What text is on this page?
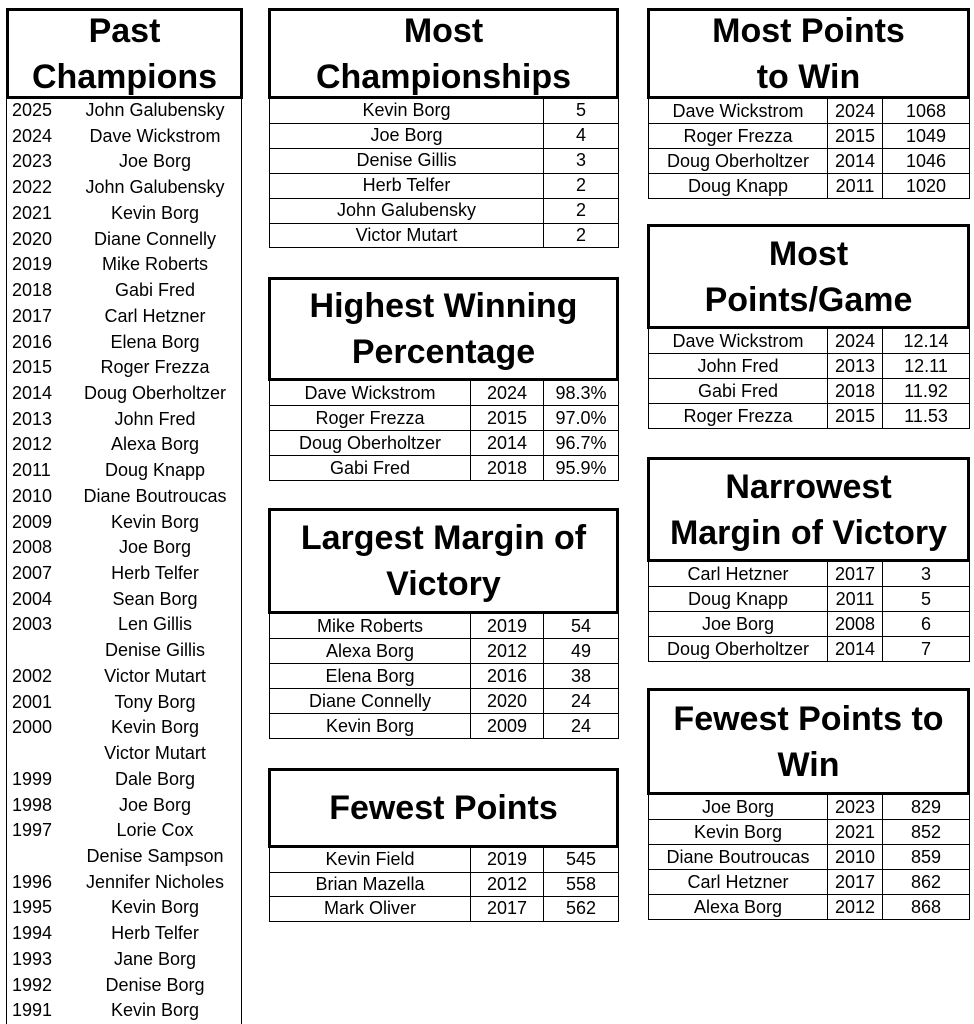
Past
Champions
2025	John Galubensky
2024	Dave Wickstrom
2023	Joe Borg
2022	John Galubensky
2021	Kevin Borg
2020	Diane Connelly
2019	Mike Roberts
2018	Gabi Fred
2017	Carl Hetzner
2016	Elena Borg
2015	Roger Frezza
2014	Doug Oberholtzer
2013	John Fred
2012	Alexa Borg
2011	Doug Knapp
2010	Diane Boutroucas
2009	Kevin Borg
2008	Joe Borg
2007	Herb Telfer
2004	Sean Borg
2003	Len Gillis
Denise Gillis
2002	Victor Mutart
2001	Tony Borg
2000	Kevin Borg
Victor Mutart
1999	Dale Borg
1998	Joe Borg
1997	Lorie Cox
Denise Sampson
1996	Jennifer Nicholes
1995	Kevin Borg
1994	Herb Telfer
1993	Jane Borg
1992	Denise Borg
1991	Kevin Borg
Most
Championships
Kevin Borg	5
Joe Borg	4
Denise Gillis	3
Herb Telfer	2
John Galubensky	2
Victor Mutart	2
Highest Winning
Percentage
Dave Wickstrom	2024	98.3%
Roger Frezza	2015	97.0%
Doug Oberholtzer	2014	96.7%
Gabi Fred	2018	95.9%
Largest Margin of
Victory
Mike Roberts	2019	54
Alexa Borg	2012	49
Elena Borg	2016	38
Diane Connelly	2020	24
Kevin Borg	2009	24
Fewest Points
Kevin Field	2019	545
Brian Mazella	2012	558
Mark Oliver	2017	562
Most Points
to Win
Dave Wickstrom	2024	1068
Roger Frezza	2015	1049
Doug Oberholtzer	2014	1046
Doug Knapp	2011	1020
Most
Points/Game
Dave Wickstrom	2024	12.14
John Fred	2013	12.11
Gabi Fred	2018	11.92
Roger Frezza	2015	11.53
Narrowest
Margin of Victory
Carl Hetzner	2017	3
Doug Knapp	2011	5
Joe Borg	2008	6
Doug Oberholtzer	2014	7
Fewest Points to
Win
Joe Borg	2023	829
Kevin Borg	2021	852
Diane Boutroucas	2010	859
Carl Hetzner	2017	862
Alexa Borg	2012	868
